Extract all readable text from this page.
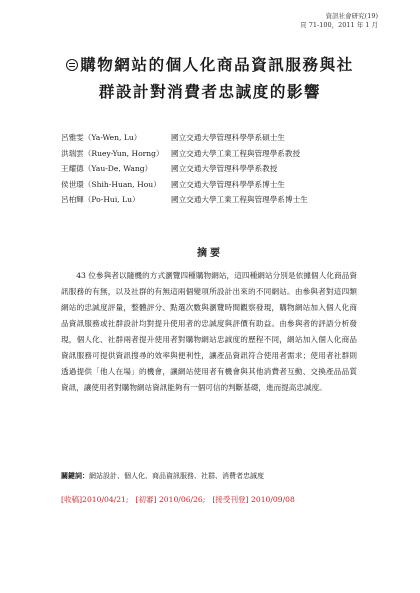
資訊社會研究(19)
頁 71-100，2011 年 1 月
購物網站的個人化商品資訊服務與社
群設計對消費者忠誠度的影響
呂雅雯（Ya-Wen, Lu）	國立交通大學管理科學學系碩士生
洪瑞雲（Ruey-Yun, Horng） 國立交通大學工業工程與管理學系教授
王耀德（Yau-De, Wang） 國立交通大學管理科學學系教授
侯世環（Shih-Huan, Hou） 國立交通大學管理科學學系博士生
呂柏輝（Po-Hui, Lu）	國立交通大學工業工程與管理學系博士生
摘要

43 位參與者以隨機的方式瀏覽四種購物網站，這四種網站分別是依據個人化商品資訊服務的有無，以及社群的有無這兩個變項所設計出來的不同網站。由參與者對這四類網站的忠誠度評量，整體評分、點選次數與瀏覽時間觀察發現，購物網站加入個人化商品資訊服務或社群設計均對提升使用者的忠誠度與評價有助益。由參與者的評語分析發現，個人化、社群兩者提升使用者對購物網站忠誠度的歷程不同，網站加入個人化商品資訊服務可提供資訊搜尋的效率與便利性，讓產品資訊符合使用者需求；使用者社群則透過提供「他人在場」的機會，讓網站使用者有機會與其他消費者互動、交換產品品質資訊，讓使用者對購物網站資訊能夠有一個可信的判斷基礎，進而提高忠誠度。

關鍵詞：網站設計、個人化、商品資訊服務、社群、消費者忠誠度
[收稿]2010/04/21; [初審] 2010/06/26; [接受刊登] 2010/09/08
